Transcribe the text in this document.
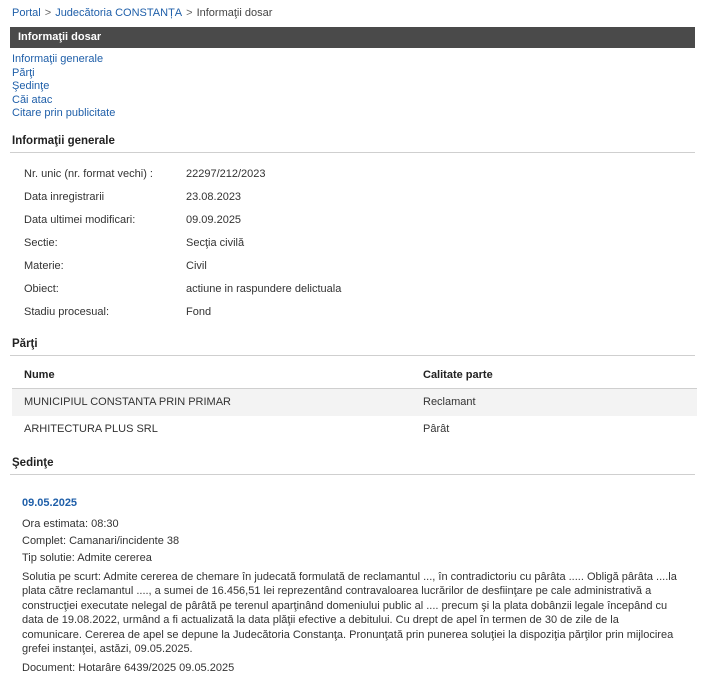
Portal > Judecătoria CONSTANȚA > Informaţii dosar
Informaţii dosar
Informaţii generale
Părţi
Şedinţe
Căi atac
Citare prin publicitate
Informaţii generale
Nr. unic (nr. format vechi) :	22297/212/2023
Data inregistrarii	23.08.2023
Data ultimei modificari:	09.09.2025
Sectie:	Secţia civilă
Materie:	Civil
Obiect:	actiune in raspundere delictuala
Stadiu procesual:	Fond
Părţi
Nume	Calitate parte
MUNICIPIUL CONSTANTA PRIN PRIMAR	Reclamant
ARHITECTURA PLUS SRL	Pârât
Şedinţe
09.05.2025
Ora estimata: 08:30
Complet: Camanari/incidente 38
Tip solutie: Admite cererea
Solutia pe scurt: Admite cererea de chemare în judecată formulată de reclamantul ..., în contradictoriu cu pârâta ..... Obligă pârâta ....la plata către reclamantul ...., a sumei de 16.456,51 lei reprezentând contravaloarea lucrărilor de desfiinţare pe cale administrativă a construcţiei executate nelegal de pârâtă pe terenul aparţinând domeniului public al .... precum şi la plata dobânzii legale începând cu data de 19.08.2022, urmând a fi actualizată la data plăţii efective a debitului. Cu drept de apel în termen de 30 de zile de la comunicare. Cererea de apel se depune la Judecătoria Constanţa. Pronunţată prin punerea soluţiei la dispoziţia părţilor prin mijlocirea grefei instanţei, astăzi, 09.05.2025.
Document: Hotarâre 6439/2025 09.05.2025
